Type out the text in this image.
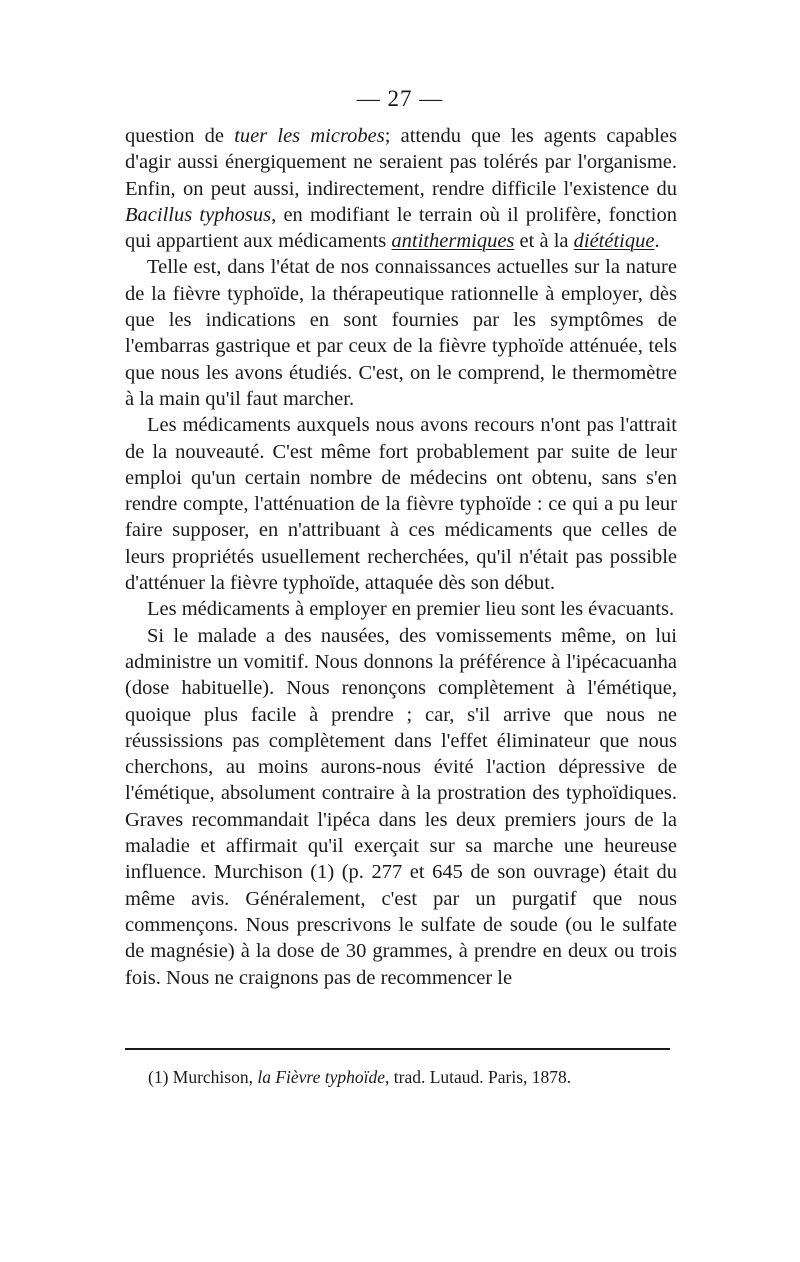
— 27 —

question de tuer les microbes; attendu que les agents capables d'agir aussi énergiquement ne seraient pas tolérés par l'organisme. Enfin, on peut aussi, indirectement, rendre difficile l'existence du Bacillus typhosus, en modifiant le terrain où il prolifère, fonction qui appartient aux médicaments antithermiques et à la diététique.

Telle est, dans l'état de nos connaissances actuelles sur la nature de la fièvre typhoïde, la thérapeutique rationnelle à employer, dès que les indications en sont fournies par les symptômes de l'embarras gastrique et par ceux de la fièvre typhoïde atténuée, tels que nous les avons étudiés. C'est, on le comprend, le thermomètre à la main qu'il faut marcher.

Les médicaments auxquels nous avons recours n'ont pas l'attrait de la nouveauté. C'est même fort probablement par suite de leur emploi qu'un certain nombre de médecins ont obtenu, sans s'en rendre compte, l'atténuation de la fièvre typhoïde : ce qui a pu leur faire supposer, en n'attribuant à ces médicaments que celles de leurs propriétés usuellement recherchées, qu'il n'était pas possible d'atténuer la fièvre typhoïde, attaquée dès son début.

Les médicaments à employer en premier lieu sont les évacuants.

Si le malade a des nausées, des vomissements même, on lui administre un vomitif. Nous donnons la préférence à l'ipécacuanha (dose habituelle). Nous renonçons complètement à l'émétique, quoique plus facile à prendre ; car, s'il arrive que nous ne réussissions pas complètement dans l'effet éliminateur que nous cherchons, au moins aurons-nous évité l'action dépressive de l'émétique, absolument contraire à la prostration des typhoïdiques. Graves recommandait l'ipéca dans les deux premiers jours de la maladie et affirmait qu'il exerçait sur sa marche une heureuse influence. Murchison (1) (p. 277 et 645 de son ouvrage) était du même avis. Généralement, c'est par un purgatif que nous commençons. Nous prescrivons le sulfate de soude (ou le sulfate de magnésie) à la dose de 30 grammes, à prendre en deux ou trois fois. Nous ne craignons pas de recommencer le

(1) Murchison, la Fièvre typhoïde, trad. Lutaud. Paris, 1878.
